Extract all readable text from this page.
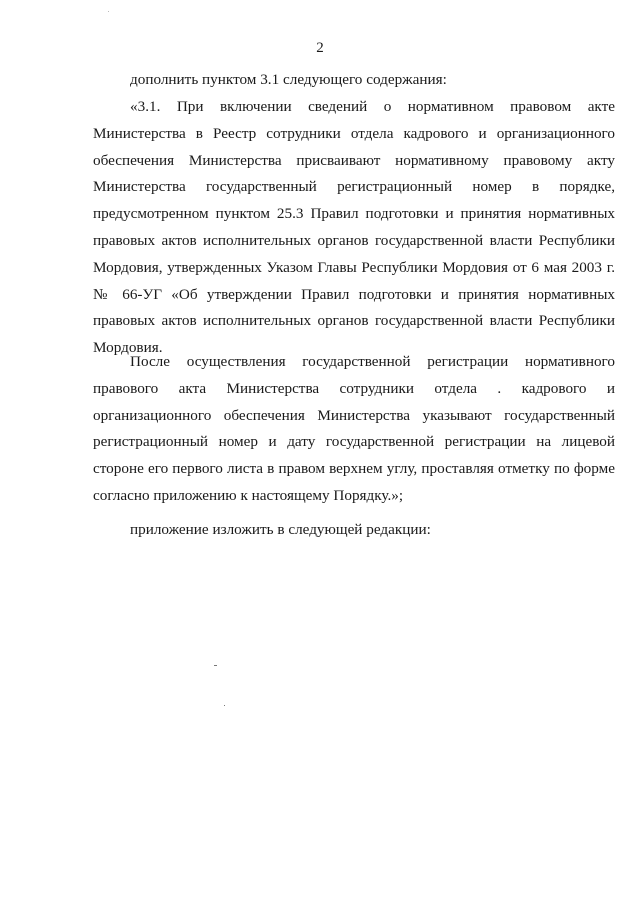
2

дополнить пунктом 3.1 следующего содержания:

«3.1. При включении сведений о нормативном правовом акте Министерства в Реестр сотрудники отдела кадрового и организационного обеспечения Министерства присваивают нормативному правовому акту Министерства государственный регистрационный номер в порядке, предусмотренном пунктом 25.3 Правил подготовки и принятия нормативных правовых актов исполнительных органов государственной власти Республики Мордовия, утвержденных Указом Главы Республики Мордовия от 6 мая 2003 г. № 66-УГ «Об утверждении Правил подготовки и принятия нормативных правовых актов исполнительных органов государственной власти Республики Мордовия.

После осуществления государственной регистрации нормативного правового акта Министерства сотрудники отдела . кадрового и организационного обеспечения Министерства указывают государственный регистрационный номер и дату государственной регистрации на лицевой стороне его первого листа в правом верхнем углу, проставляя отметку по форме согласно приложению к настоящему Порядку.»;

приложение изложить в следующей редакции:
